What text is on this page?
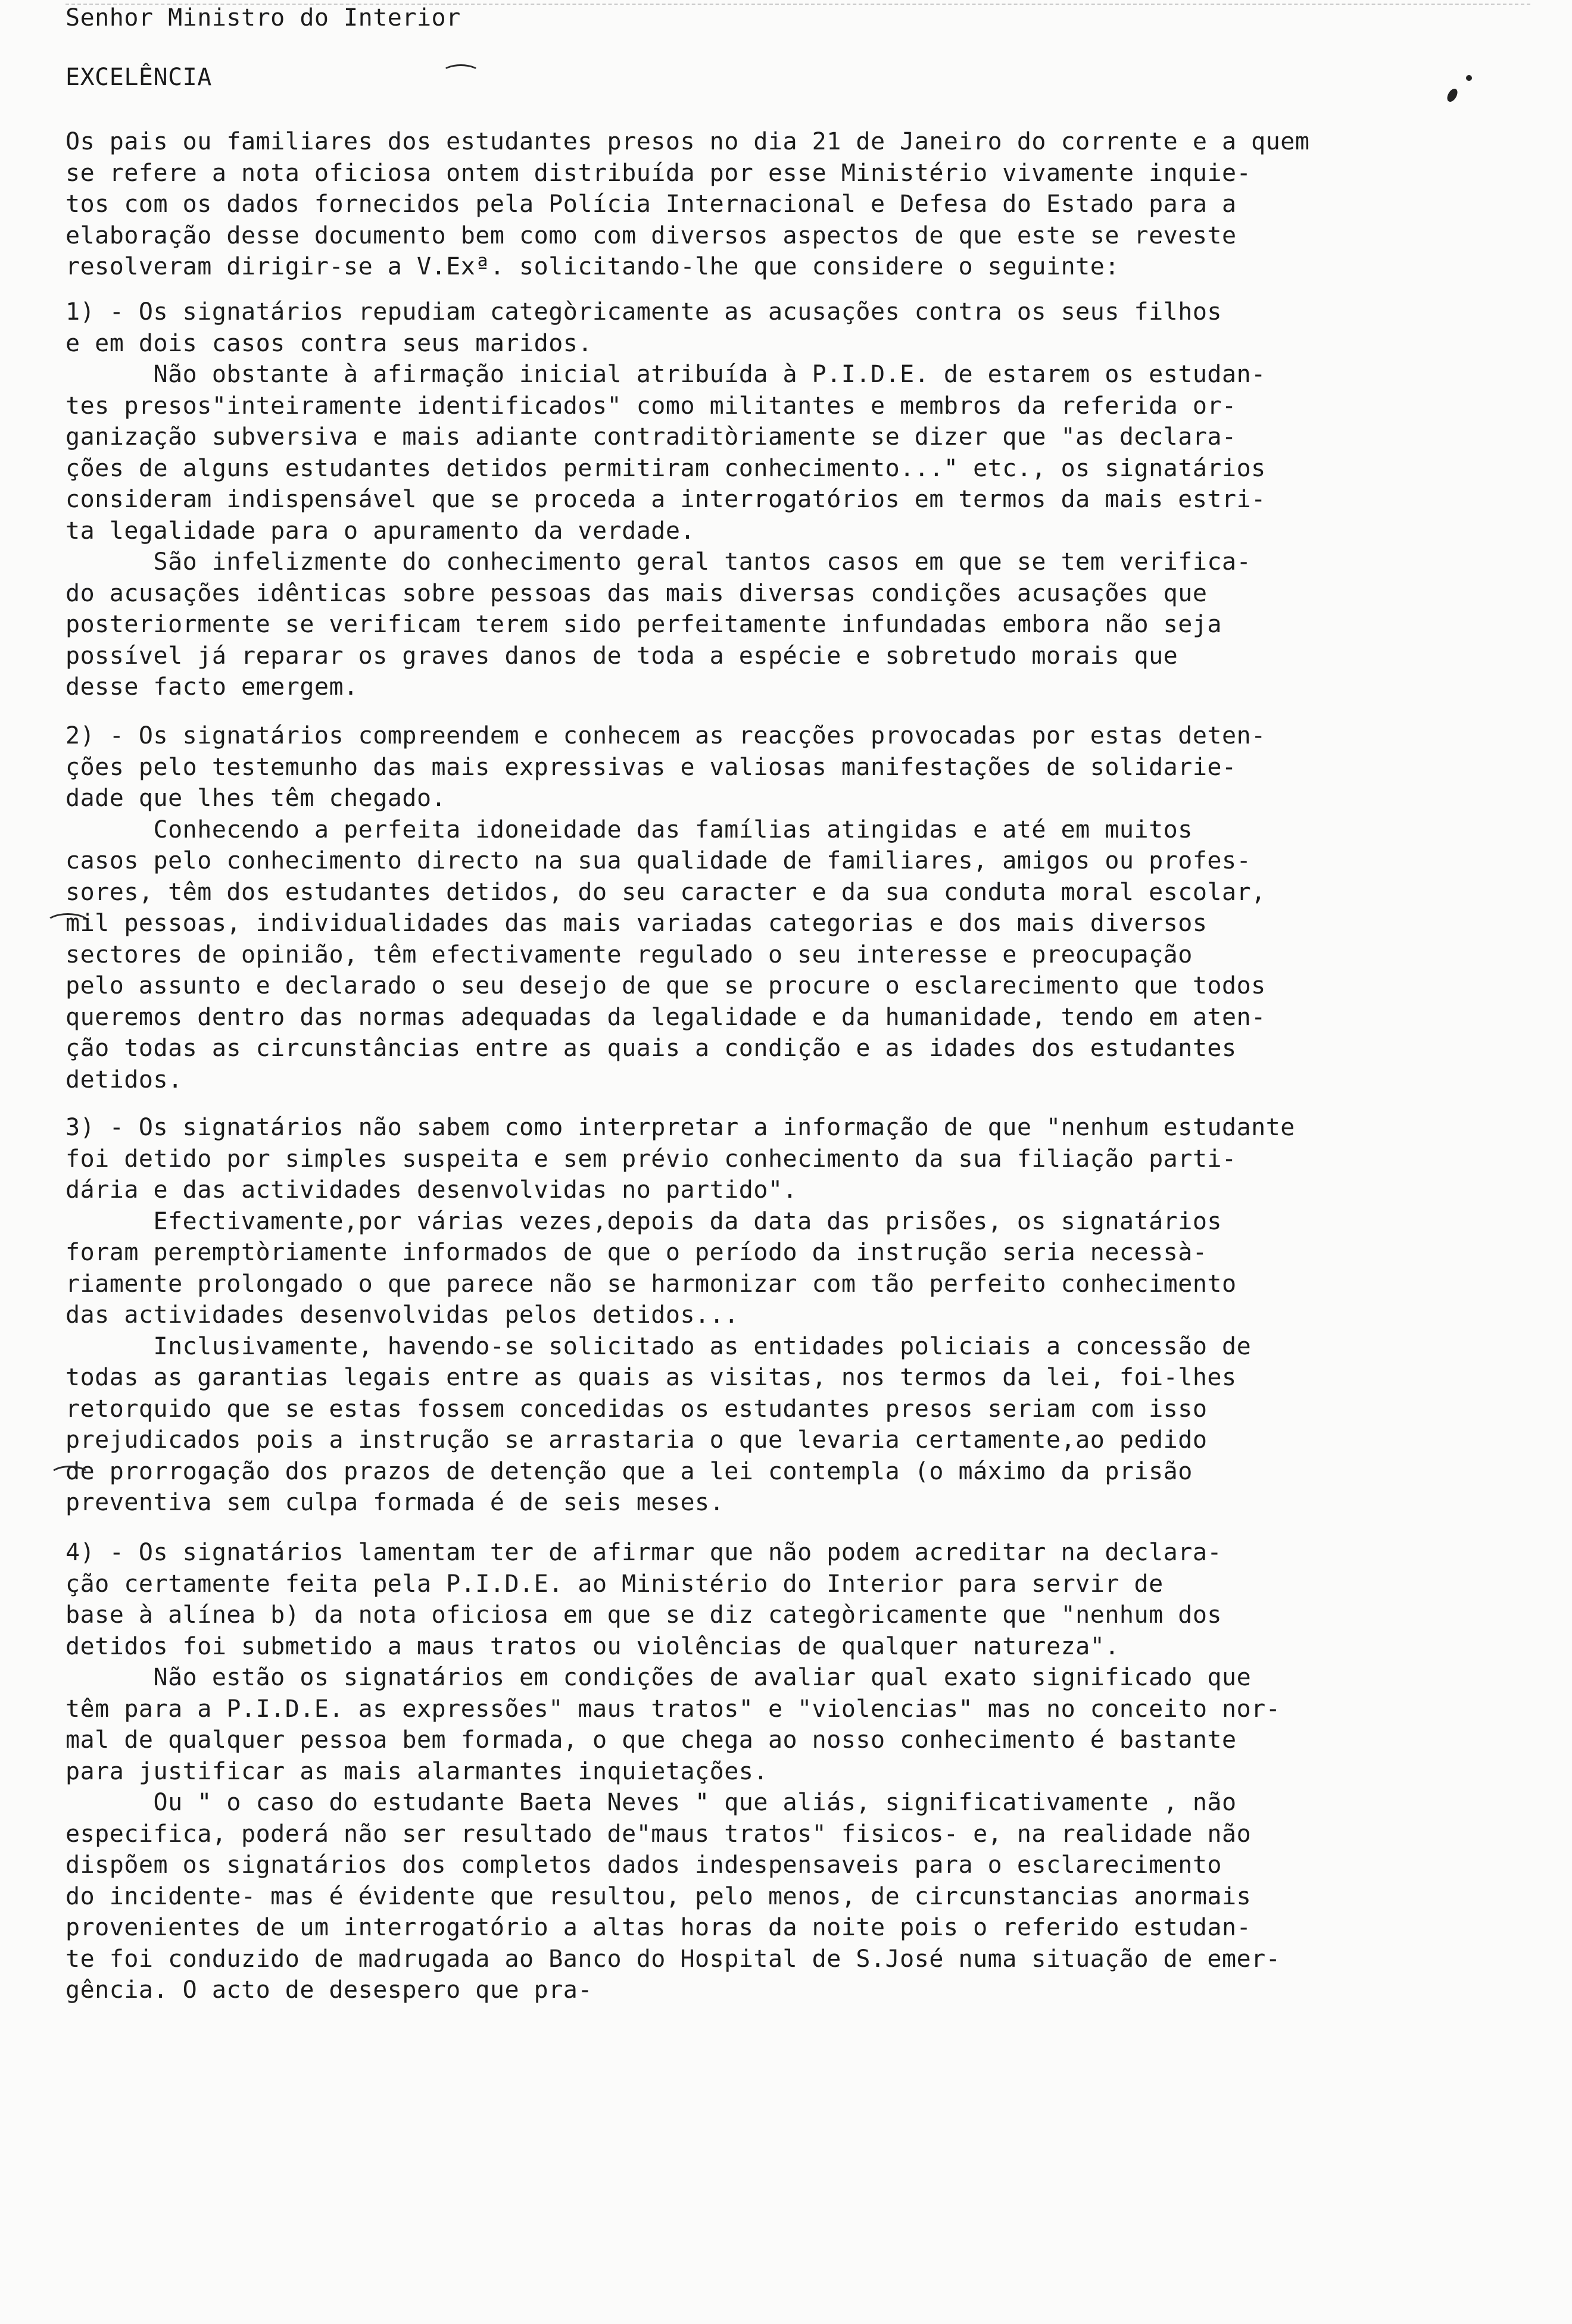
Senhor Ministro do Interior
EXCELÊNCIA
Os pais ou familiares dos estudantes presos no dia 21 de Janeiro do corrente e a quem
se refere a nota oficiosa ontem distribuída por esse Ministério vivamente inquie-
tos com os dados fornecidos pela Polícia Internacional e Defesa do Estado para a
elaboração desse documento bem como com diversos aspectos de que este se reveste
resolveram dirigir-se a V.Exª. solicitando-lhe que considere o seguinte:
1) - Os signatários repudiam categòricamente as acusações contra os seus filhos
e em dois casos contra seus maridos.
Não obstante à afirmação inicial atribuída à P.I.D.E. de estarem os estudan-
tes presos"inteiramente identificados" como militantes e membros da referida or-
ganização subversiva e mais adiante contraditòriamente se dizer que "as declara-
ções de alguns estudantes detidos permitiram conhecimento..." etc., os signatários
consideram indispensável que se proceda a interrogatórios em termos da mais estri-
ta legalidade para o apuramento da verdade.
São infelizmente do conhecimento geral tantos casos em que se tem verifica-
do acusações idênticas sobre pessoas das mais diversas condições acusações que
posteriormente se verificam terem sido perfeitamente infundadas embora não seja
possível já reparar os graves danos de toda a espécie e sobretudo morais que
desse facto emergem.
2) - Os signatários compreendem e conhecem as reacções provocadas por estas deten-
ções pelo testemunho das mais expressivas e valiosas manifestações de solidarie-
dade que lhes têm chegado.
Conhecendo a perfeita idoneidade das famílias atingidas e até em muitos
casos pelo conhecimento directo na sua qualidade de familiares, amigos ou profes-
sores, têm dos estudantes detidos, do seu caracter e da sua conduta moral escolar,
mil pessoas, individualidades das mais variadas categorias e dos mais diversos
sectores de opinião, têm efectivamente regulado o seu interesse e preocupação
pelo assunto e declarado o seu desejo de que se procure o esclarecimento que todos
queremos dentro das normas adequadas da legalidade e da humanidade, tendo em aten-
ção todas as circunstâncias entre as quais a condição e as idades dos estudantes
detidos.
3) - Os signatários não sabem como interpretar a informação de que "nenhum estudante
foi detido por simples suspeita e sem prévio conhecimento da sua filiação parti-
dária e das actividades desenvolvidas no partido".
Efectivamente,por várias vezes,depois da data das prisões, os signatários
foram peremptòriamente informados de que o período da instrução seria necessà-
riamente prolongado o que parece não se harmonizar com tão perfeito conhecimento
das actividades desenvolvidas pelos detidos...
Inclusivamente, havendo-se solicitado as entidades policiais a concessão de
todas as garantias legais entre as quais as visitas, nos termos da lei, foi-lhes
retorquido que se estas fossem concedidas os estudantes presos seriam com isso
prejudicados pois a instrução se arrastaria o que levaria certamente,ao pedido
de prorrogação dos prazos de detenção que a lei contempla (o máximo da prisão
preventiva sem culpa formada é de seis meses.
4) - Os signatários lamentam ter de afirmar que não podem acreditar na declara-
ção certamente feita pela P.I.D.E. ao Ministério do Interior para servir de
base à alínea b) da nota oficiosa em que se diz categòricamente que "nenhum dos
detidos foi submetido a maus tratos ou violências de qualquer natureza".
Não estão os signatários em condições de avaliar qual exato significado que
têm para a P.I.D.E. as expressões" maus tratos" e "violencias" mas no conceito nor-
mal de qualquer pessoa bem formada, o que chega ao nosso conhecimento é bastante
para justificar as mais alarmantes inquietações.
Ou " o caso do estudante Baeta Neves " que aliás, significativamente , não
especifica, poderá não ser resultado de"maus tratos" fisicos- e, na realidade não
dispõem os signatários dos completos dados indespensaveis para o esclarecimento
do incidente- mas é évidente que resultou, pelo menos, de circunstancias anormais
provenientes de um interrogatório a altas horas da noite pois o referido estudan-
te foi conduzido de madrugada ao Banco do Hospital de S.José numa situação de emer-
gência. O acto de desespero que pra-
